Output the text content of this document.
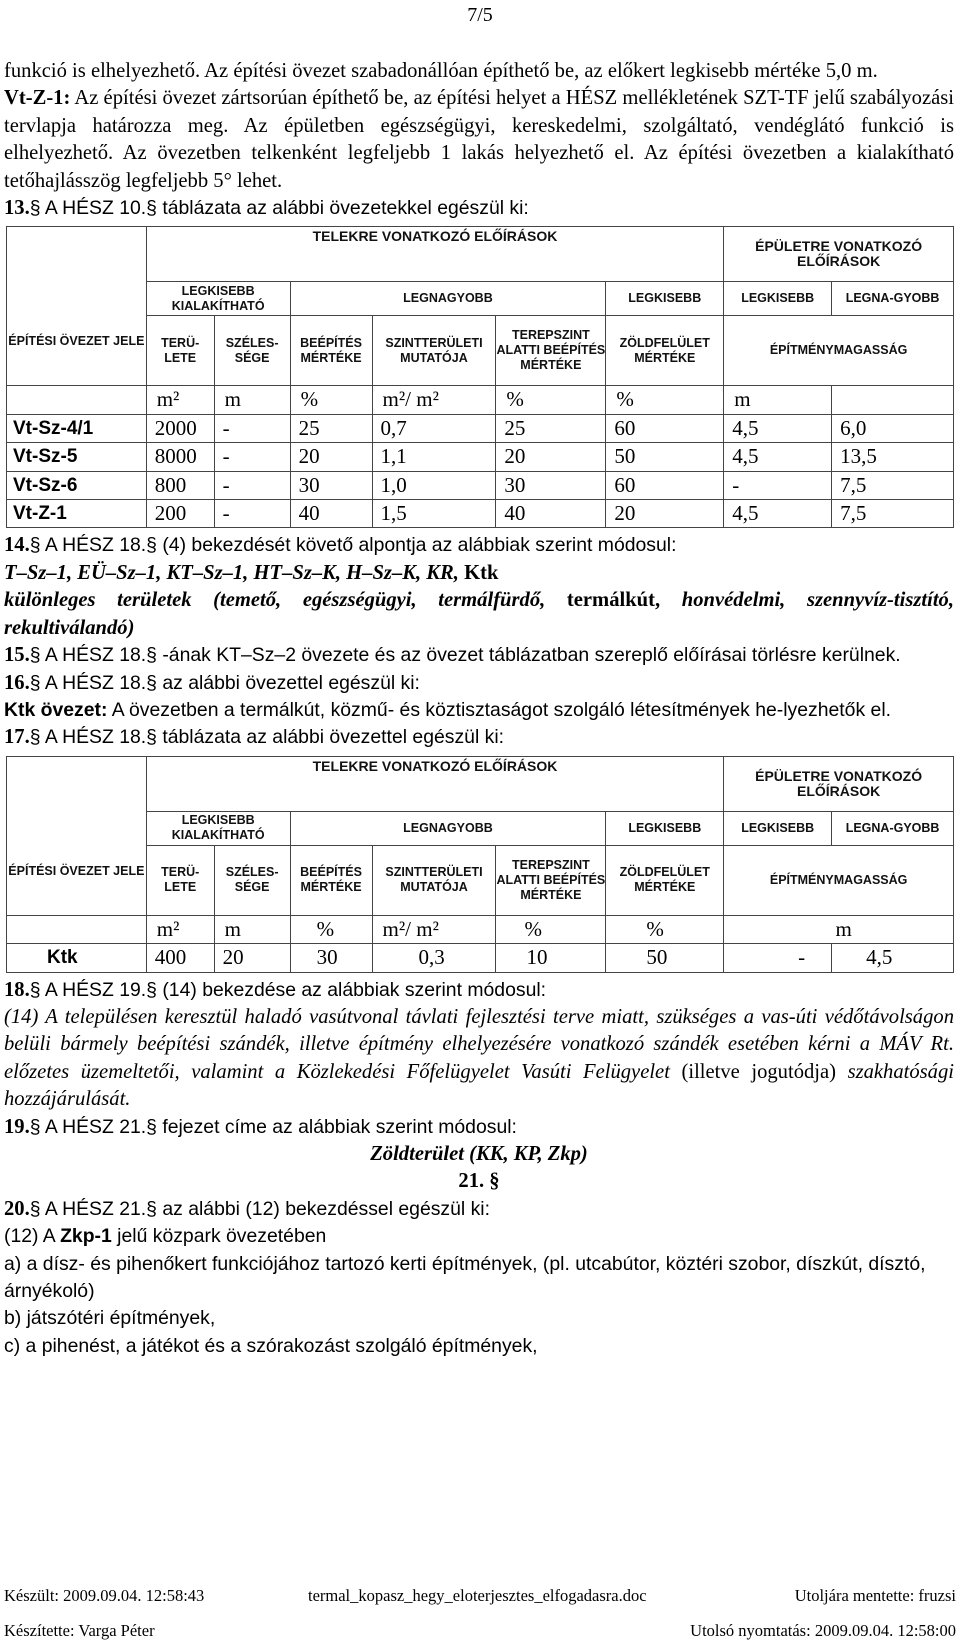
7/5

funkció is elhelyezhető. Az építési övezet szabadonállóan építhető be, az előkert legkisebb mértéke 5,0 m.

Vt-Z-1: Az építési övezet zártsorúan építhető be, az építési helyet a HÉSZ mellékletének SZT-TF jelű szabályozási tervlapja határozza meg. Az épületben egészségügyi, kereskedelmi, szolgáltató, vendéglátó funkció is elhelyezhető. Az övezetben telkenként legfeljebb 1 lakás helyezhető el. Az építési övezetben a kialakítható tetőhajlásszög legfeljebb 5° lehet.

13.§ A HÉSZ 10.§ táblázata az alábbi övezetekkel egészül ki:

ÉPÍTÉSI ÖVEZET JELE	TELEKRE VONATKOZÓ ELŐÍRÁSOK						ÉPÜLETRE VONATKOZÓ ELŐÍRÁSOK	
	LEGKISEBB KIALAKÍTHATÓ		LEGNAGYOBB			LEGKISEBB	LEGKISEBB	LEGNA-GYOBB
	TERÜ-LETE	SZÉLES-SÉGE	BEÉPÍTÉS MÉRTÉKE	SZINTTERÜLETI MUTATÓJA	TEREPSZINT ALATTI BEÉPÍTÉS MÉRTÉKE	ZÖLDFELÜLET MÉRTÉKE	ÉPÍTMÉNYMAGASSÁG	
	m²	m	%	m²/ m²	%	%	m	
Vt-Sz-4/1	2000	-	25	0,7	25	60	4,5	6,0
Vt-Sz-5	8000	-	20	1,1	20	50	4,5	13,5
Vt-Sz-6	800	-	30	1,0	30	60	-	7,5
Vt-Z-1	200	-	40	1,5	40	20	4,5	7,5

14.§ A HÉSZ 18.§ (4) bekezdését követő alpontja az alábbiak szerint módosul:

T–Sz–1, EÜ–Sz–1, KT–Sz–1, HT–Sz–K, H–Sz–K, KR, Ktk

különleges területek (temető, egészségügyi, termálfürdő, termálkút, honvédelmi, szennyvíz-tisztító, rekultiválandó)

15.§ A HÉSZ 18.§ -ának KT–Sz–2 övezete és az övezet táblázatban szereplő előírásai törlésre kerülnek.

16.§ A HÉSZ 18.§ az alábbi övezettel egészül ki:

Ktk övezet: A övezetben a termálkút, közmű- és köztisztaságot szolgáló létesítmények he-lyezhetők el.

17.§ A HÉSZ 18.§ táblázata az alábbi övezettel egészül ki:

ÉPÍTÉSI ÖVEZET JELE	TELEKRE VONATKOZÓ ELŐÍRÁSOK						ÉPÜLETRE VONATKOZÓ ELŐÍRÁSOK	
	LEGKISEBB KIALAKÍTHATÓ		LEGNAGYOBB			LEGKISEBB	LEGKISEBB	LEGNA-GYOBB
	TERÜ-LETE	SZÉLES-SÉGE	BEÉPÍTÉS MÉRTÉKE	SZINTTERÜLETI MUTATÓJA	TEREPSZINT ALATTI BEÉPÍTÉS MÉRTÉKE	ZÖLDFELÜLET MÉRTÉKE	ÉPÍTMÉNYMAGASSÁG	
	m²	m	%	m²/ m²	%	%	m	
Ktk	400	20	30	0,3	10	50	-	4,5

18.§ A HÉSZ 19.§ (14) bekezdése az alábbiak szerint módosul:

(14) A településen keresztül haladó vasútvonal távlati fejlesztési terve miatt, szükséges a vas-úti védőtávolságon belüli bármely beépítési szándék, illetve építmény elhelyezésére vonatkozó szándék esetében kérni a MÁV Rt. előzetes üzemeltetői, valamint a Közlekedési Főfelügyelet Vasúti Felügyelet (illetve jogutódja) szakhatósági hozzájárulását.

19.§ A HÉSZ 21.§ fejezet címe az alábbiak szerint módosul:

Zöldterület (KK, KP, Zkp)

21. §

20.§ A HÉSZ 21.§ az alábbi (12) bekezdéssel egészül ki:

(12) A Zkp-1 jelű közpark övezetében

a) a dísz- és pihenőkert funkciójához tartozó kerti építmények, (pl. utcabútor, köztéri szobor, díszkút, dísztó, árnyékoló)

b) játszótéri építmények,

c) a pihenést, a játékot és a szórakozást szolgáló építmények,

Készült: 2009.09.04. 12:58:43	termal_kopasz_hegy_eloterjesztes_elfogadasra.doc	Utoljára mentette: fruzsi
Készítette: Varga Péter	Utolsó nyomtatás: 2009.09.04. 12:58:00
